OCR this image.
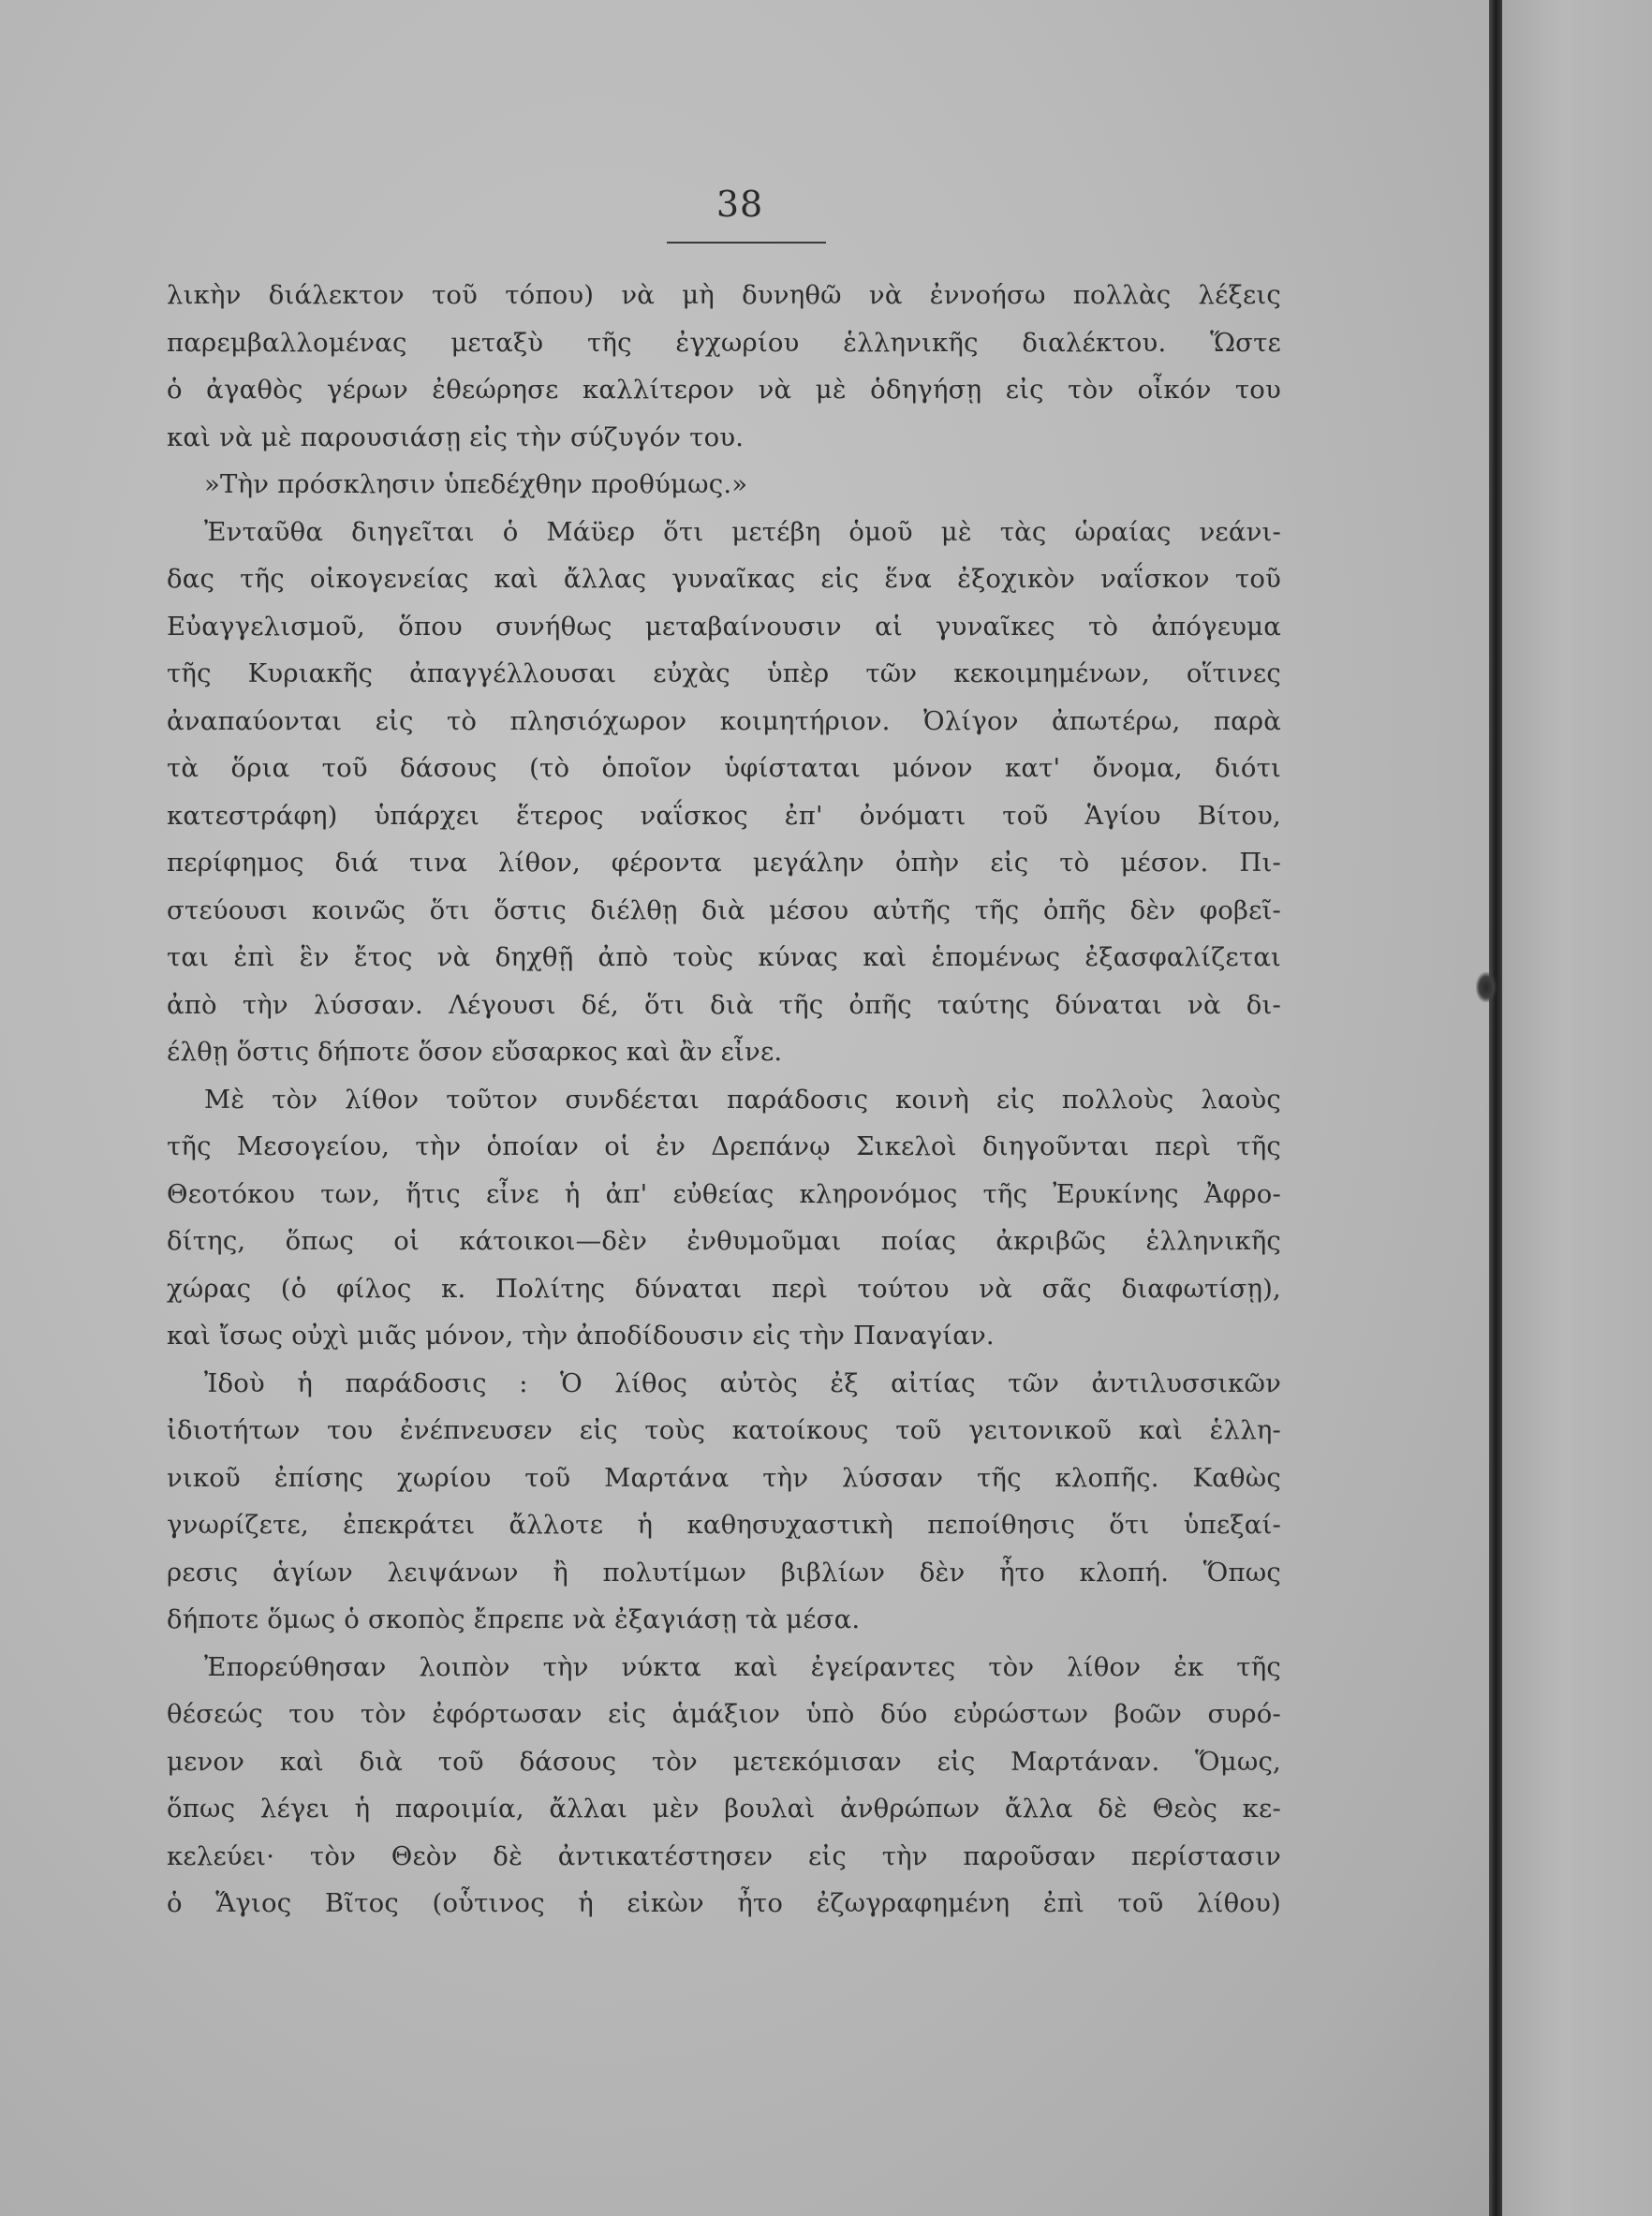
38
λικὴν διάλεκτον τοῦ τόπου) νὰ μὴ δυνηθῶ νὰ ἐννοήσω πολλὰς λέξεις
παρεμβαλλομένας μεταξὺ τῆς ἐγχωρίου ἑλληνικῆς διαλέκτου. Ὥστε
ὁ ἀγαθὸς γέρων ἐθεώρησε καλλίτερον νὰ μὲ ὁδηγήσῃ εἰς τὸν οἶκόν του
καὶ νὰ μὲ παρουσιάσῃ εἰς τὴν σύζυγόν του.
»Τὴν πρόσκλησιν ὑπεδέχθην προθύμως.»
Ἐνταῦθα διηγεῖται ὁ Μάϋερ ὅτι μετέβη ὁμοῦ μὲ τὰς ὡραίας νεάνι-
δας τῆς οἰκογενείας καὶ ἄλλας γυναῖκας εἰς ἕνα ἐξοχικὸν ναΐσκον τοῦ
Εὐαγγελισμοῦ, ὅπου συνήθως μεταβαίνουσιν αἱ γυναῖκες τὸ ἀπόγευμα
τῆς Κυριακῆς ἀπαγγέλλουσαι εὐχὰς ὑπὲρ τῶν κεκοιμημένων, οἵτινες
ἀναπαύονται εἰς τὸ πλησιόχωρον κοιμητήριον. Ὀλίγον ἀπωτέρω, παρὰ
τὰ ὅρια τοῦ δάσους (τὸ ὁποῖον ὑφίσταται μόνον κατ' ὄνομα, διότι
κατεστράφη) ὑπάρχει ἕτερος ναΐσκος ἐπ' ὀνόματι τοῦ Ἁγίου Βίτου,
περίφημος διά τινα λίθον, φέροντα μεγάλην ὀπὴν εἰς τὸ μέσον. Πι-
στεύουσι κοινῶς ὅτι ὅστις διέλθῃ διὰ μέσου αὐτῆς τῆς ὀπῆς δὲν φοβεῖ-
ται ἐπὶ ἓν ἔτος νὰ δηχθῇ ἀπὸ τοὺς κύνας καὶ ἑπομένως ἐξασφαλίζεται
ἀπὸ τὴν λύσσαν. Λέγουσι δέ, ὅτι διὰ τῆς ὀπῆς ταύτης δύναται νὰ δι-
έλθῃ ὅστις δήποτε ὅσον εὔσαρκος καὶ ἂν εἶνε.
Μὲ τὸν λίθον τοῦτον συνδέεται παράδοσις κοινὴ εἰς πολλοὺς λαοὺς
τῆς Μεσογείου, τὴν ὁποίαν οἱ ἐν Δρεπάνῳ Σικελοὶ διηγοῦνται περὶ τῆς
Θεοτόκου των, ἥτις εἶνε ἡ ἀπ' εὐθείας κληρονόμος τῆς Ἐρυκίνης Ἀφρο-
δίτης, ὅπως οἱ κάτοικοι—δὲν ἐνθυμοῦμαι ποίας ἀκριβῶς ἑλληνικῆς
χώρας (ὁ φίλος κ. Πολίτης δύναται περὶ τούτου νὰ σᾶς διαφωτίσῃ),
καὶ ἴσως οὐχὶ μιᾶς μόνον, τὴν ἀποδίδουσιν εἰς τὴν Παναγίαν.
Ἰδοὺ ἡ παράδοσις : Ὁ λίθος αὐτὸς ἐξ αἰτίας τῶν ἀντιλυσσικῶν
ἰδιοτήτων του ἐνέπνευσεν εἰς τοὺς κατοίκους τοῦ γειτονικοῦ καὶ ἑλλη-
νικοῦ ἐπίσης χωρίου τοῦ Μαρτάνα τὴν λύσσαν τῆς κλοπῆς. Καθὼς
γνωρίζετε, ἐπεκράτει ἄλλοτε ἡ καθησυχαστικὴ πεποίθησις ὅτι ὑπεξαί-
ρεσις ἁγίων λειψάνων ἢ πολυτίμων βιβλίων δὲν ἦτο κλοπή. Ὅπως
δήποτε ὅμως ὁ σκοπὸς ἔπρεπε νὰ ἐξαγιάσῃ τὰ μέσα.
Ἐπορεύθησαν λοιπὸν τὴν νύκτα καὶ ἐγείραντες τὸν λίθον ἐκ τῆς
θέσεώς του τὸν ἐφόρτωσαν εἰς ἁμάξιον ὑπὸ δύο εὐρώστων βοῶν συρό-
μενον καὶ διὰ τοῦ δάσους τὸν μετεκόμισαν εἰς Μαρτάναν. Ὅμως,
ὅπως λέγει ἡ παροιμία, ἄλλαι μὲν βουλαὶ ἀνθρώπων ἄλλα δὲ Θεὸς κε-
κελεύει· τὸν Θεὸν δὲ ἀντικατέστησεν εἰς τὴν παροῦσαν περίστασιν
ὁ Ἅγιος Βῖτος (οὗτινος ἡ εἰκὼν ἦτο ἐζωγραφημένη ἐπὶ τοῦ λίθου)
